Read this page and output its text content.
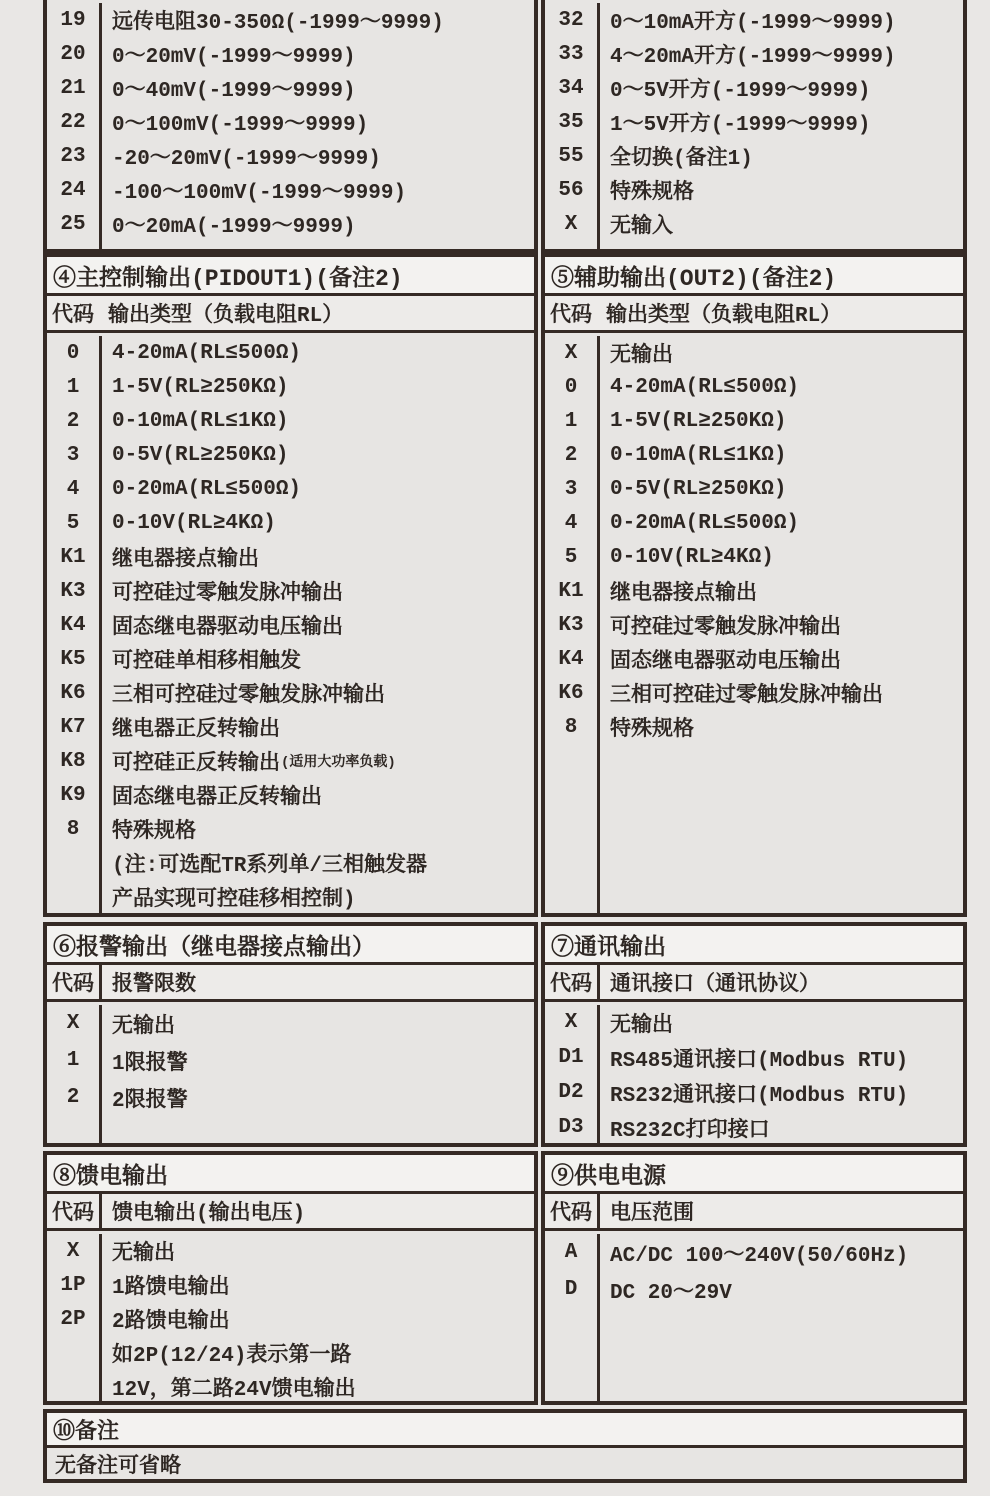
19	远传电阻30-350Ω(-1999～9999)
20	0～20mV(-1999～9999)
21	0～40mV(-1999～9999)
22	0～100mV(-1999～9999)
23	-20～20mV(-1999～9999)
24	-100～100mV(-1999～9999)
25	0～20mA(-1999～9999)
32	0～10mA开方(-1999～9999)
33	4～20mA开方(-1999～9999)
34	0～5V开方(-1999～9999)
35	1～5V开方(-1999～9999)
55	全切换(备注1)
56	特殊规格
X	无输入
④主控制输出(PIDOUT1)(备注2)
代码 输出类型（负载电阻RL）
0	4-20mA(RL≤500Ω)
1	1-5V(RL≥250KΩ)
2	0-10mA(RL≤1KΩ)
3	0-5V(RL≥250KΩ)
4	0-20mA(RL≤500Ω)
5	0-10V(RL≥4KΩ)
K1	继电器接点输出
K3	可控硅过零触发脉冲输出
K4	固态继电器驱动电压输出
K5	可控硅单相移相触发
K6	三相可控硅过零触发脉冲输出
K7	继电器正反转输出
K8	可控硅正反转输出 (适用大功率负载)
K9	固态继电器正反转输出
8	特殊规格
(注:可选配TR系列单/三相触发器
产品实现可控硅移相控制)
⑤辅助输出(OUT2)(备注2)
代码 输出类型（负载电阻RL）
X	无输出
0	4-20mA(RL≤500Ω)
1	1-5V(RL≥250KΩ)
2	0-10mA(RL≤1KΩ)
3	0-5V(RL≥250KΩ)
4	0-20mA(RL≤500Ω)
5	0-10V(RL≥4KΩ)
K1	继电器接点输出
K3	可控硅过零触发脉冲输出
K4	固态继电器驱动电压输出
K6	三相可控硅过零触发脉冲输出
8	特殊规格
⑥报警输出（继电器接点输出）
代码 报警限数
X	无输出
1	1限报警
2	2限报警
⑦通讯输出
代码 通讯接口（通讯协议）
X	无输出
D1	RS485通讯接口(Modbus RTU)
D2	RS232通讯接口(Modbus RTU)
D3	RS232C打印接口
⑧馈电输出
代码 馈电输出(输出电压)
X	无输出
1P	1路馈电输出
2P	2路馈电输出
如2P(12/24)表示第一路
12V，第二路24V馈电输出
⑨供电电源
代码 电压范围
A	AC/DC 100～240V(50/60Hz)
D	DC 20～29V
⑩备注
无备注可省略
